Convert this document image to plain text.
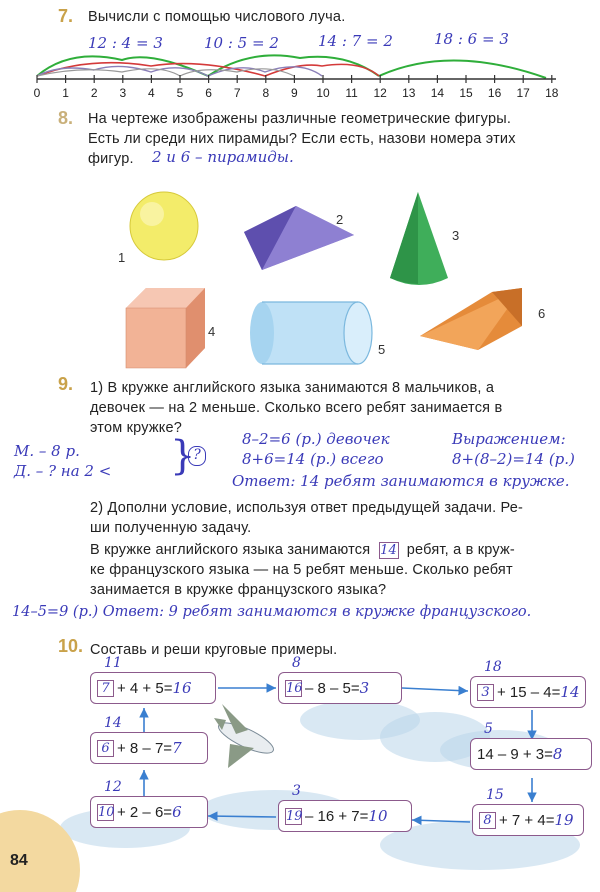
7. Вычисли с помощью числового луча.
12 : 4 = 3	10 : 5 = 2	14 : 7 = 2	18 : 6 = 3
0	1	2	3	4	5	6	7	8	9	10	11	12 13 14 15 16 17 18
8. На чертеже изображены различные геометрические фигуры.
Есть ли среди них пирамиды? Если есть, назови номера этих
фигур. 2 и 6 – пирамиды.
1
2
3
4
5
6
9. 1) В кружке английского языка занимаются 8 мальчиков, а
девочек — на 2 меньше. Сколько всего ребят занимается в
этом кружке?
М. – 8 р.
Д. – ? на 2 < }
?
8–2=6 (р.) девочек
8+6=14 (р.) всего
Выражением:
8+(8–2)=14 (р.)
Ответ: 14 ребят занимаются в кружке.
2) Дополни условие, используя ответ предыдущей задачи. Ре-
ши полученную задачу.
В кружке английского языка занимаются 14 ребят, а в круж-
ке французского языка — на 5 ребят меньше. Сколько ребят
занимается в кружке французского языка?
14–5=9 (р.) Ответ: 9 ребят занимаются в кружке французского.
10. Составь и реши круговые примеры.
7 + 4 + 5 = 16
11
16 – 8 – 5 = 3
8
3 + 15 – 4 = 14
18
14 – 9 + 3 = 8
5
8 + 7 + 4 = 19
15
19 – 16 + 7 = 10
3
10 + 2 – 6 = 6
12
6 + 8 – 7 = 7
14
84
